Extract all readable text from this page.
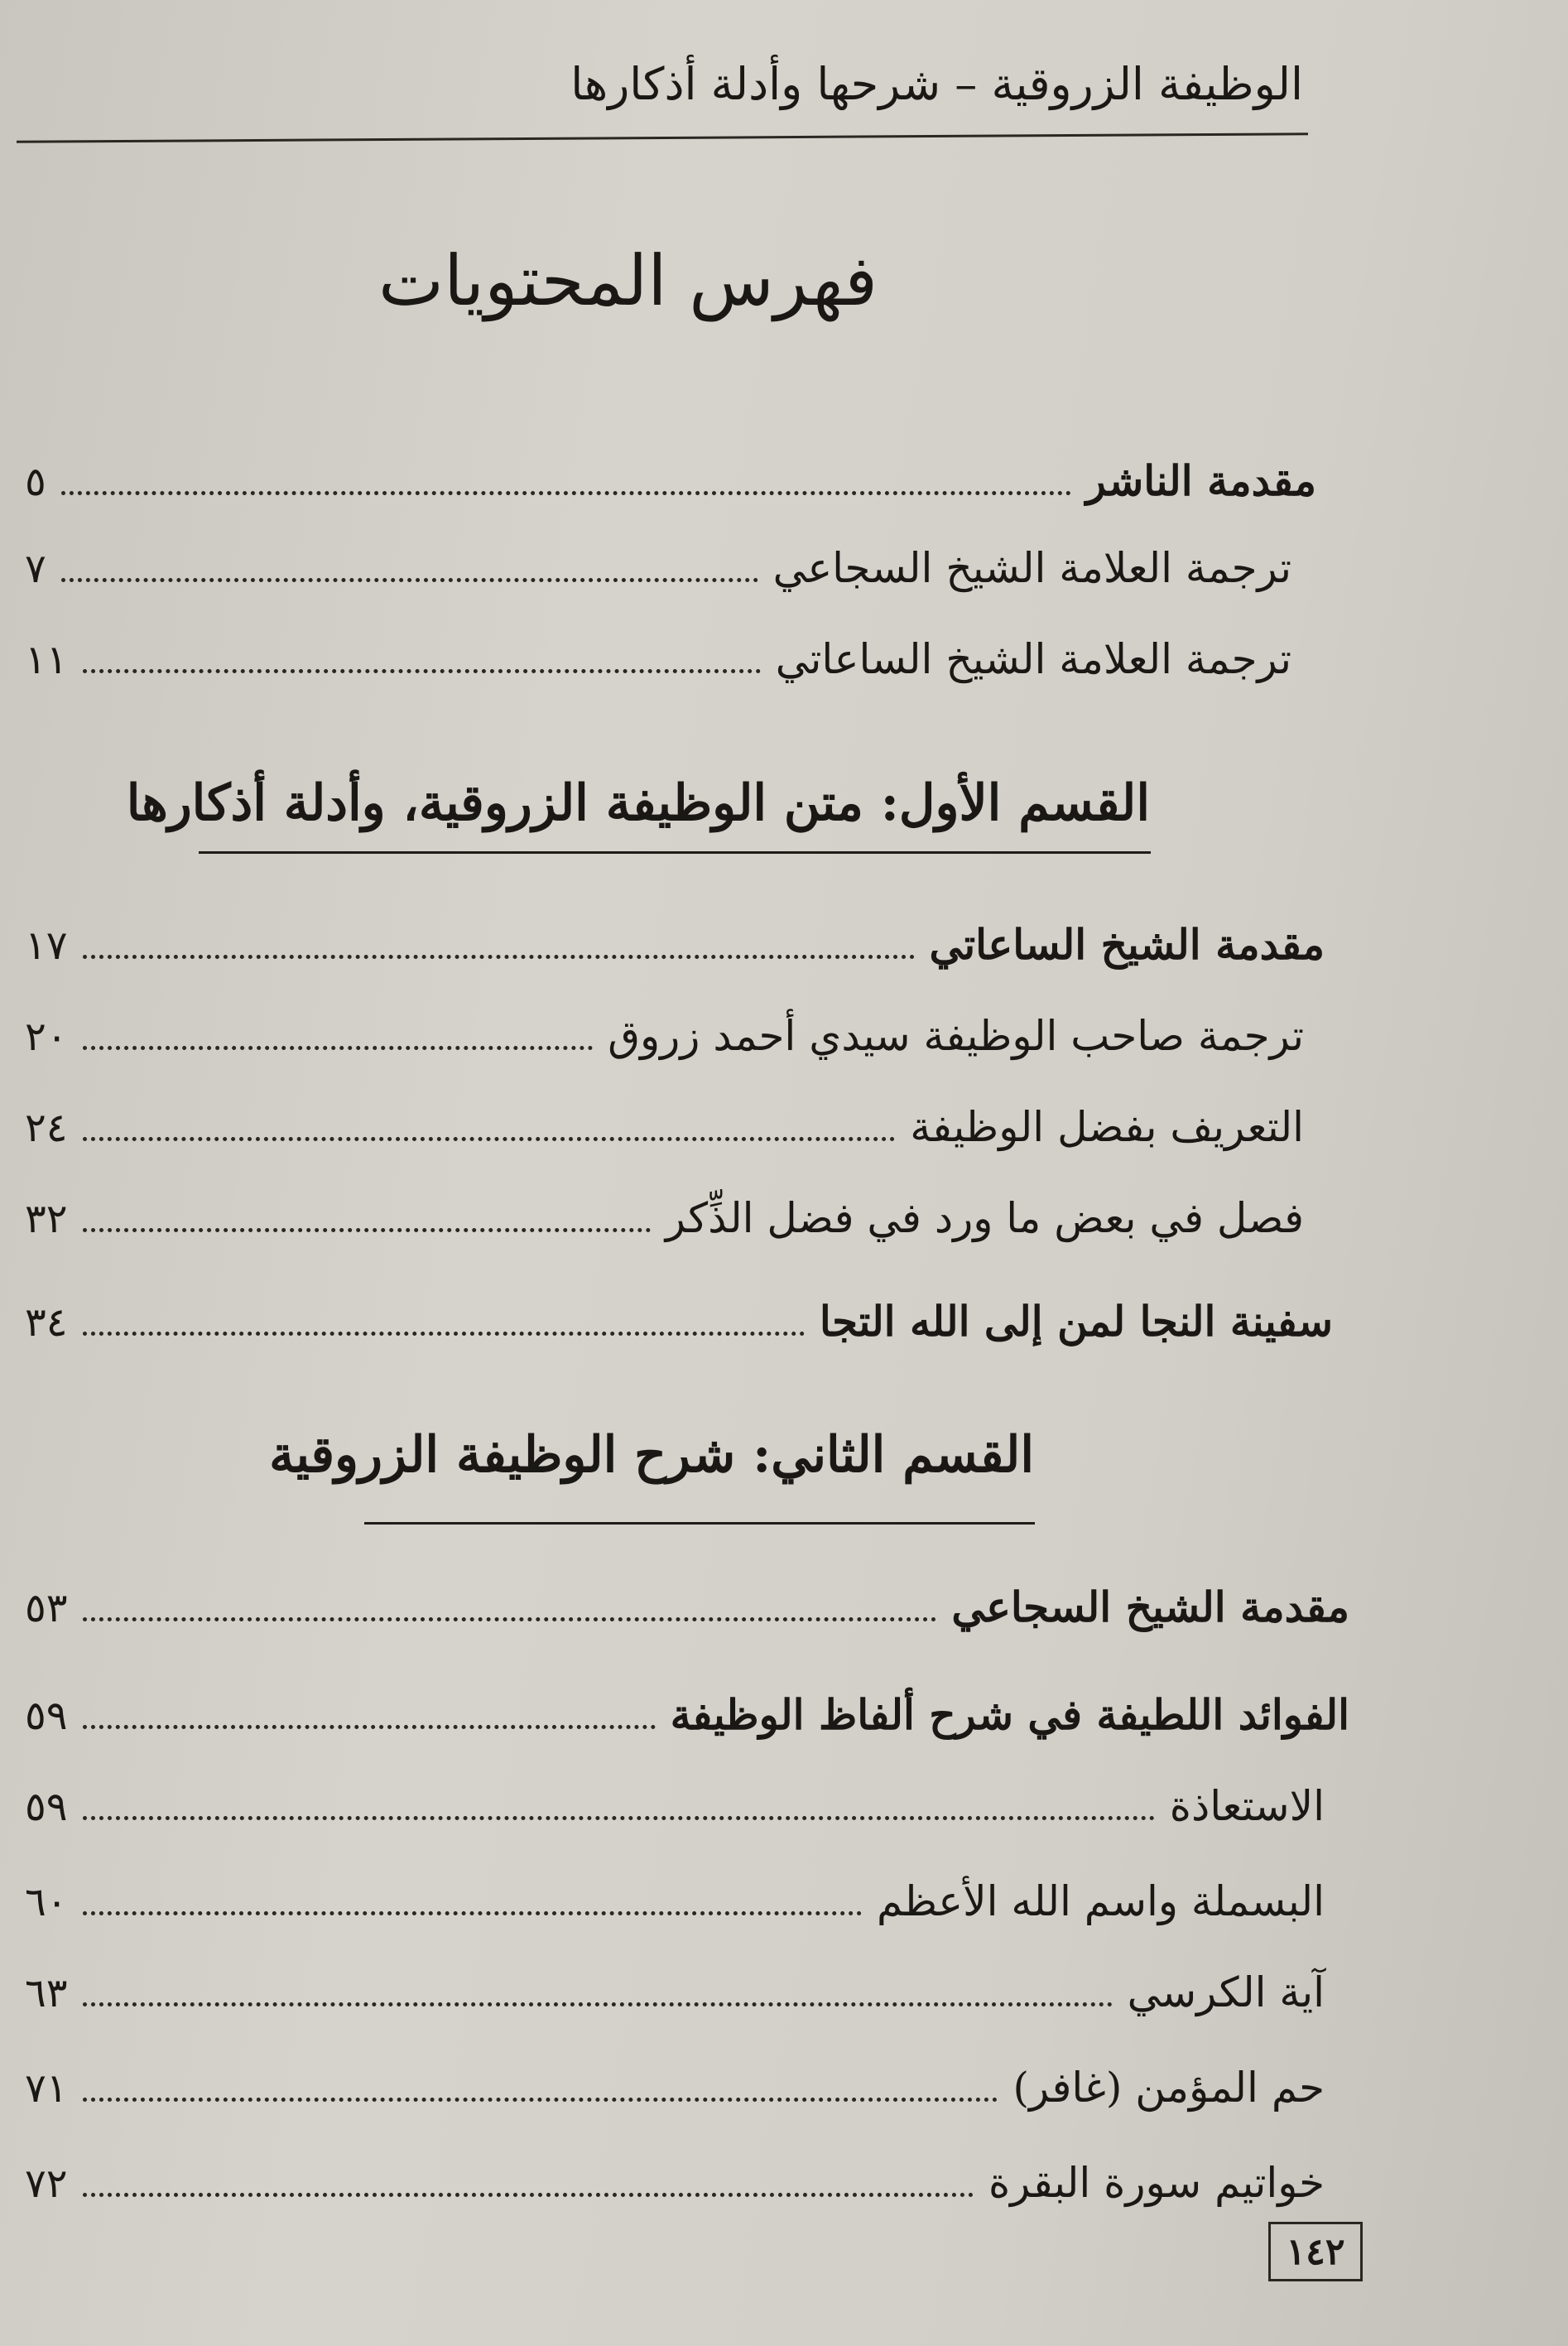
الوظيفة الزروقية – شرحها وأدلة أذكارها
فهرس المحتويات
مقدمة الناشر
٥
ترجمة العلامة الشيخ السجاعي
٧
ترجمة العلامة الشيخ الساعاتي
١١
القسم الأول: متن الوظيفة الزروقية، وأدلة أذكارها
مقدمة الشيخ الساعاتي
١٧
ترجمة صاحب الوظيفة سيدي أحمد زروق
٢٠
التعريف بفضل الوظيفة
٢٤
فصل في بعض ما ورد في فضل الذِّكر
٣٢
سفينة النجا لمن إلى الله التجا
٣٤
القسم الثاني: شرح الوظيفة الزروقية
مقدمة الشيخ السجاعي
٥٣
الفوائد اللطيفة في شرح ألفاظ الوظيفة
٥٩
الاستعاذة
٥٩
البسملة واسم الله الأعظم
٦٠
آية الكرسي
٦٣
حم المؤمن (غافر)
٧١
خواتيم سورة البقرة
٧٢
١٤٢
